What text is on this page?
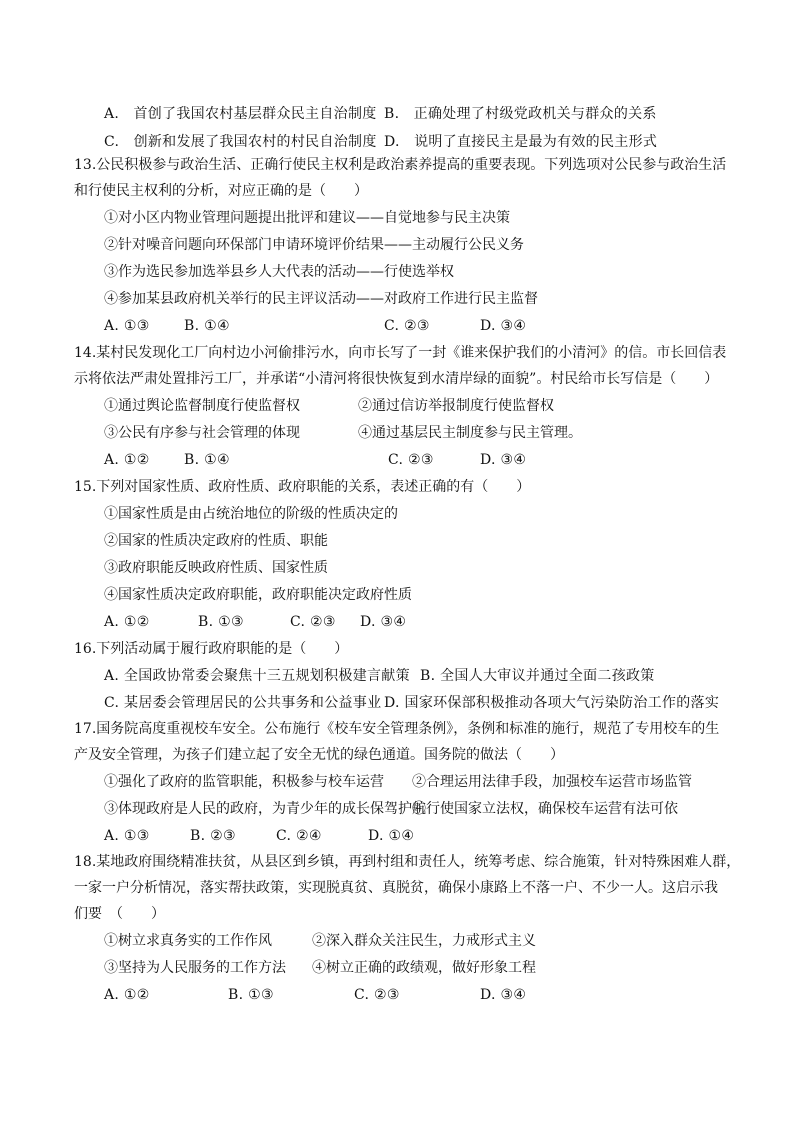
A.　首创了我国农村基层群众民主自治制度 B.　正确处理了村级党政机关与群众的关系
C.　创新和发展了我国农村的村民自治制度 D.　说明了直接民主是最为有效的民主形式
13.公民积极参与政治生活、正确行使民主权利是政治素养提高的重要表现。下列选项对公民参与政治生活
和行使民主权利的分析，对应正确的是（　　）
①对小区内物业管理问题提出批评和建议——自觉地参与民主决策
②针对噪音问题向环保部门申请环境评价结果——主动履行公民义务
③作为选民参加选举县乡人大代表的活动——行使选举权
④参加某县政府机关举行的民主评议活动——对政府工作进行民主监督
A. ①③ B. ①④	C. ②③	D. ③④
14.某村民发现化工厂向村边小河偷排污水，向市长写了一封《谁来保护我们的小清河》的信。市长回信表
示将依法严肃处置排污工厂，并承诺“小清河将很快恢复到水清岸绿的面貌”。村民给市长写信是（　　）
①通过舆论监督制度行使监督权	②通过信访举报制度行使监督权
③公民有序参与社会管理的体现	④通过基层民主制度参与民主管理。
A. ①② B. ①④	C. ②③	D. ③④
15.下列对国家性质、政府性质、政府职能的关系，表述正确的有（　　）
①国家性质是由占统治地位的阶级的性质决定的
②国家的性质决定政府的性质、职能
③政府职能反映政府性质、国家性质
④国家性质决定政府职能，政府职能决定政府性质
A. ①②	B. ①③	C. ②③ D. ③④
16.下列活动属于履行政府职能的是（　　）
A. 全国政协常委会聚焦十三五规划积极建言献策 B. 全国人大审议并通过全面二孩政策
C. 某居委会管理居民的公共事务和公益事业 D. 国家环保部积极推动各项大气污染防治工作的落实
17.国务院高度重视校车安全。公布施行《校车安全管理条例》，条例和标准的施行，规范了专用校车的生
产及安全管理，为孩子们建立起了安全无忧的绿色通道。国务院的做法（　　）
①强化了政府的监管职能，积极参与校车运营 ②合理运用法律手段，加强校车运营市场监管
③体现政府是人民的政府，为青少年的成长保驾护航
④行使国家立法权，确保校车运营有法可依
A. ①③	B. ②③	C. ②④	D. ①④
18.某地政府围绕精准扶贫，从县区到乡镇，再到村组和责任人，统筹考虑、综合施策，针对特殊困难人群，
一家一户分析情况，落实帮扶政策，实现脱真贫、真脱贫，确保小康路上不落一户、不少一人。这启示我
们要　（　　）
①树立求真务实的工作作风	②深入群众关注民生，力戒形式主义
③坚持为人民服务的工作方法 ④树立正确的政绩观，做好形象工程
A. ①②	B. ①③	C. ②③	D. ③④
